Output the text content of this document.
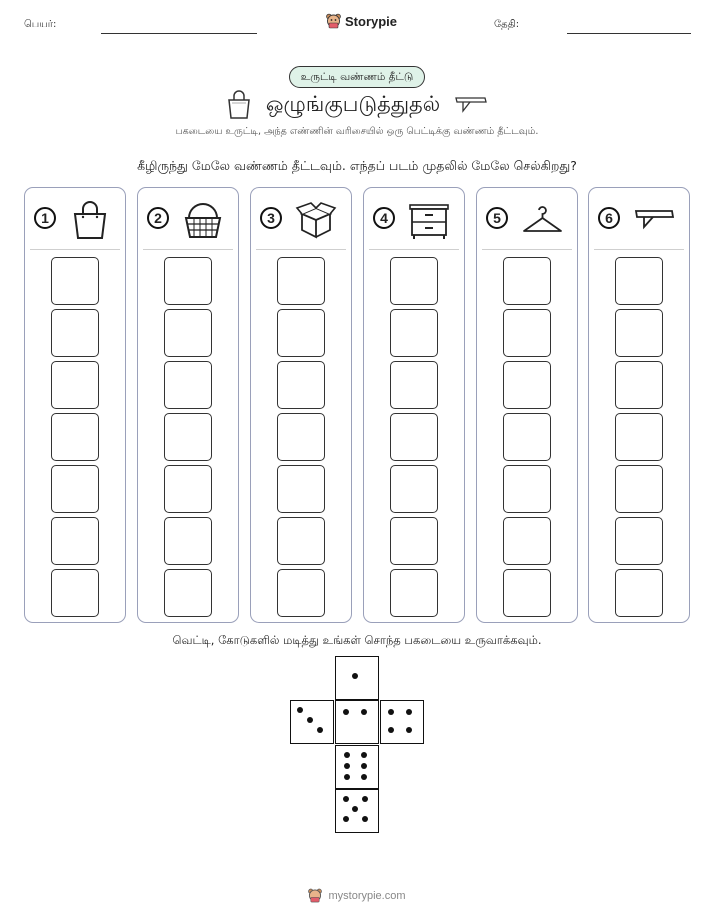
பெயர்:	Storypie	தேதி:
உருட்டி வண்ணம் தீட்டு
ஒழுங்குபடுத்துதல்
பகடையை உருட்டி, அந்த எண்ணின் வரிசையில் ஒரு பெட்டிக்கு வண்ணம் தீட்டவும்.
கீழிருந்து மேலே வண்ணம் தீட்டவும். எந்தப் படம் முதலில் மேலே செல்கிறது?
1	2	3	4	5	6
வெட்டி, கோடுகளில் மடித்து உங்கள் சொந்த பகடையை உருவாக்கவும்.
mystorypie.com
